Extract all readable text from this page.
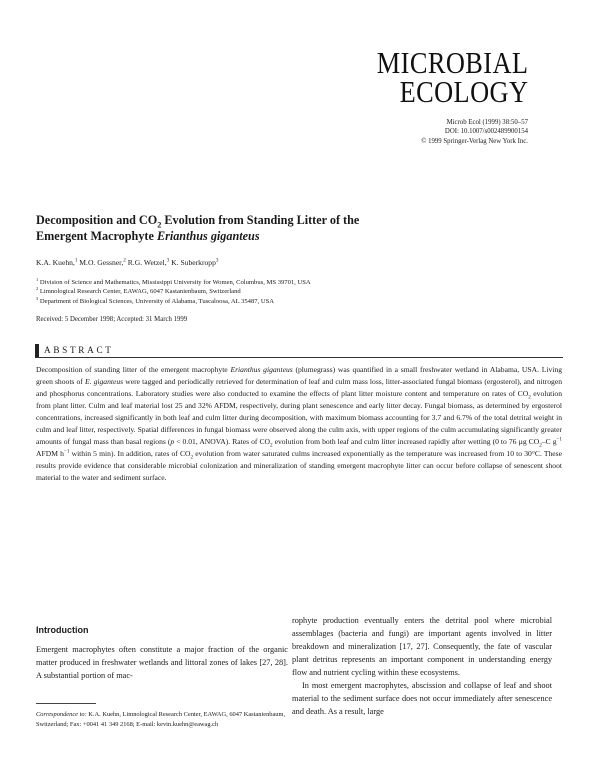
MICROBIAL
ECOLOGY
Microb Ecol (1999) 38:50–57
DOI: 10.1007/s002489900154
© 1999 Springer-Verlag New York Inc.
Decomposition and $CO_2$ Evolution from Standing Litter of the
Emergent Macrophyte Erianthus giganteus
K.A. Kuehn,$^1$ M.O. Gessner,$^2$ R.G. Wetzel,$^3$ K. Suberkropp$^3$
$^1$ Division of Science and Mathematics, Mississippi University for Women, Columbus, MS 39701, USA
$^2$ Limnological Research Center, EAWAG, 6047 Kastanienbaum, Switzerland
$^3$ Department of Biological Sciences, University of Alabama, Tuscaloosa, AL 35487, USA
Received: 5 December 1998; Accepted: 31 March 1999
ABSTRACT
Decomposition of standing litter of the emergent macrophyte Erianthus giganteus (plumegrass) was quantified in a small freshwater wetland in Alabama, USA. Living green shoots of E. giganteus were tagged and periodically retrieved for determination of leaf and culm mass loss, litter-associated fungal biomass (ergosterol), and nitrogen and phosphorus concentrations. Laboratory studies were also conducted to examine the effects of plant litter moisture content and temperature on rates of $CO_2$ evolution from plant litter. Culm and leaf material lost 25 and 32% AFDM, respectively, during plant senescence and early litter decay. Fungal biomass, as determined by ergosterol concentrations, increased significantly in both leaf and culm litter during decomposition, with maximum biomass accounting for 3.7 and 6.7% of the total detrital weight in culm and leaf litter, respectively. Spatial differences in fungal biomass were observed along the culm axis, with upper regions of the culm accumulating significantly greater amounts of fungal mass than basal regions (p < 0.01, ANOVA). Rates of $CO_2$ evolution from both leaf and culm litter increased rapidly after wetting (0 to 76 µg $CO_2-C$ $g^{-1}$ AFDM $h^{-1}$ within 5 min). In addition, rates of $CO_2$ evolution from water saturated culms increased exponentially as the temperature was increased from 10 to 30°C. These results provide evidence that considerable microbial colonization and mineralization of standing emergent macrophyte litter can occur before collapse of senescent shoot material to the water and sediment surface.
Introduction
Emergent macrophytes often constitute a major fraction of the organic matter produced in freshwater wetlands and littoral zones of lakes [27, 28]. A substantial portion of mac-
Correspondence to: K.A. Kuehn, Limnological Research Center, EAWAG, 6047 Kastanienbaum, Switzerland; Fax: +0041 41 349 2168; E-mail: kevin.kuehn@eawag.ch

rophyte production eventually enters the detrital pool where microbial assemblages (bacteria and fungi) are important agents involved in litter breakdown and mineralization [17, 27]. Consequently, the fate of vascular plant detritus represents an important component in understanding energy flow and nutrient cycling within these ecosystems.

In most emergent macrophytes, abscission and collapse of leaf and shoot material to the sediment surface does not occur immediately after senescence and death. As a result, large
